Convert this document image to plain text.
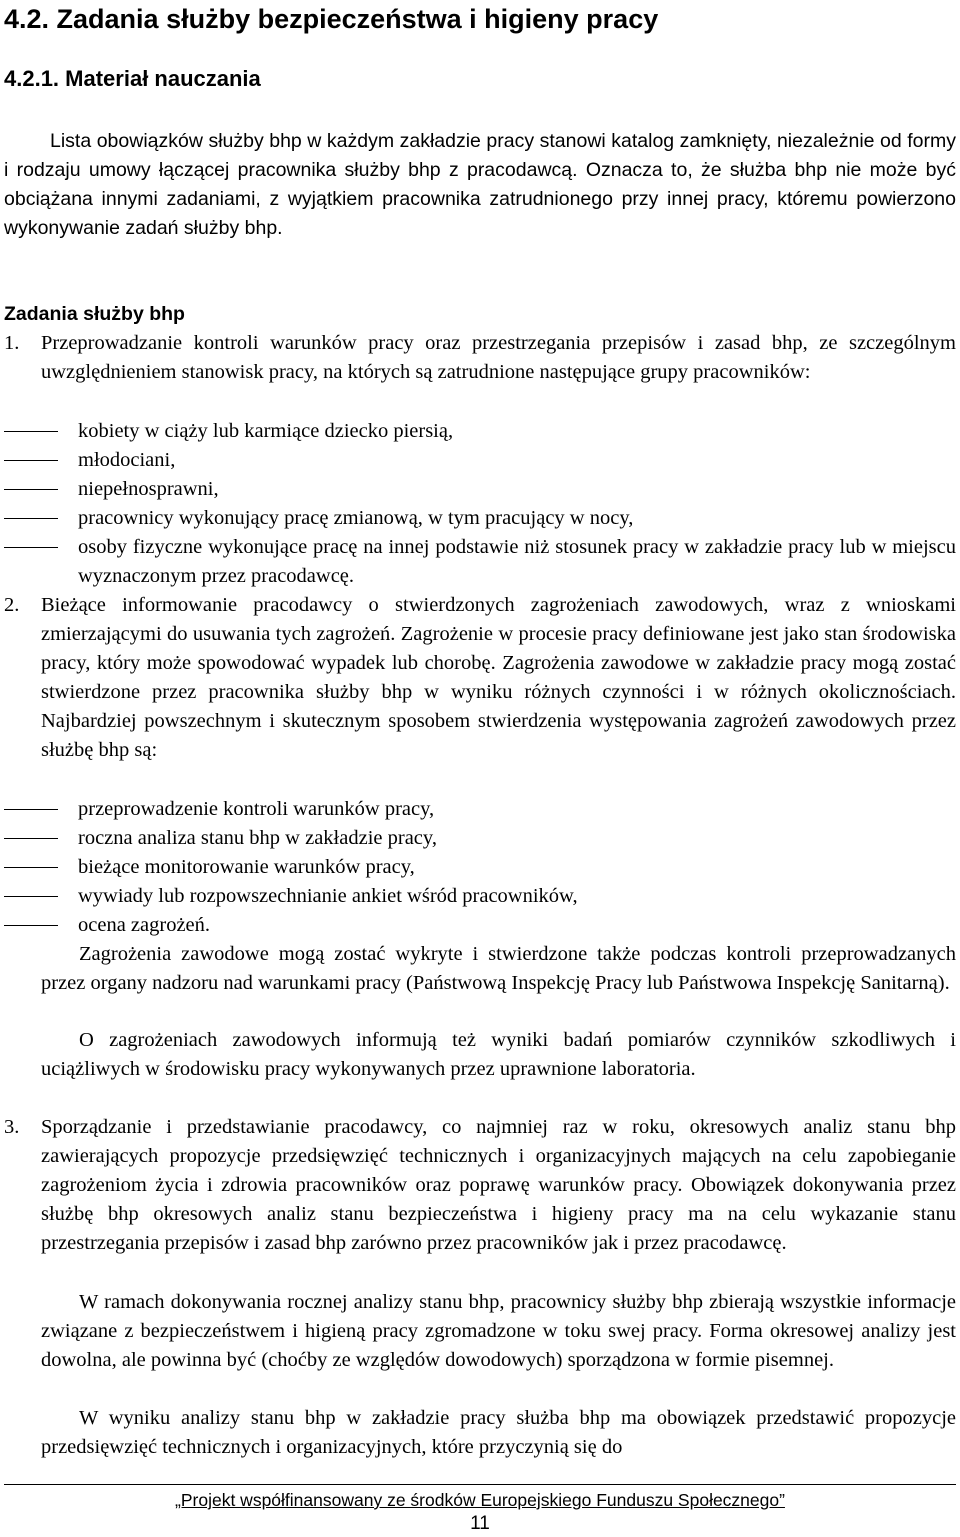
4.2. Zadania służby bezpieczeństwa i higieny pracy
4.2.1. Materiał nauczania
Lista obowiązków służby bhp w każdym zakładzie pracy stanowi katalog zamknięty, niezależnie od formy i rodzaju umowy łączącej pracownika służby bhp z pracodawcą. Oznacza to, że służba bhp nie może być obciążana innymi zadaniami, z wyjątkiem pracownika zatrudnionego przy innej pracy, któremu powierzono wykonywanie zadań służby bhp.
Zadania służby bhp
1. Przeprowadzanie kontroli warunków pracy oraz przestrzegania przepisów i zasad bhp, ze szczególnym uwzględnieniem stanowisk pracy, na których są zatrudnione następujące grupy pracowników:
kobiety w ciąży lub karmiące dziecko piersią,
młodociani,
niepełnosprawni,
pracownicy wykonujący pracę zmianową, w tym pracujący w nocy,
osoby fizyczne wykonujące pracę na innej podstawie niż stosunek pracy w zakładzie pracy lub w miejscu wyznaczonym przez pracodawcę.
2. Bieżące informowanie pracodawcy o stwierdzonych zagrożeniach zawodowych, wraz z wnioskami zmierzającymi do usuwania tych zagrożeń. Zagrożenie w procesie pracy definiowane jest jako stan środowiska pracy, który może spowodować wypadek lub chorobę. Zagrożenia zawodowe w zakładzie pracy mogą zostać stwierdzone przez pracownika służby bhp w wyniku różnych czynności i w różnych okolicznościach. Najbardziej powszechnym i skutecznym sposobem stwierdzenia występowania zagrożeń zawodowych przez służbę bhp są:
przeprowadzenie kontroli warunków pracy,
roczna analiza stanu bhp w zakładzie pracy,
bieżące monitorowanie warunków pracy,
wywiady lub rozpowszechnianie ankiet wśród pracowników,
ocena zagrożeń.
Zagrożenia zawodowe mogą zostać wykryte i stwierdzone także podczas kontroli przeprowadzanych przez organy nadzoru nad warunkami pracy (Państwową Inspekcję Pracy lub Państwowa Inspekcję Sanitarną).
O zagrożeniach zawodowych informują też wyniki badań pomiarów czynników szkodliwych i uciążliwych w środowisku pracy wykonywanych przez uprawnione laboratoria.
3. Sporządzanie i przedstawianie pracodawcy, co najmniej raz w roku, okresowych analiz stanu bhp zawierających propozycje przedsięwzięć technicznych i organizacyjnych mających na celu zapobieganie zagrożeniom życia i zdrowia pracowników oraz poprawę warunków pracy. Obowiązek dokonywania przez służbę bhp okresowych analiz stanu bezpieczeństwa i higieny pracy ma na celu wykazanie stanu przestrzegania przepisów i zasad bhp zarówno przez pracowników jak i przez pracodawcę.
W ramach dokonywania rocznej analizy stanu bhp, pracownicy służby bhp zbierają wszystkie informacje związane z bezpieczeństwem i higieną pracy zgromadzone w toku swej pracy. Forma okresowej analizy jest dowolna, ale powinna być (choćby ze względów dowodowych) sporządzona w formie pisemnej.
W wyniku analizy stanu bhp w zakładzie pracy służba bhp ma obowiązek przedstawić propozycje przedsięwzięć technicznych i organizacyjnych, które przyczynią się do
„Projekt współfinansowany ze środków Europejskiego Funduszu Społecznego”
11
